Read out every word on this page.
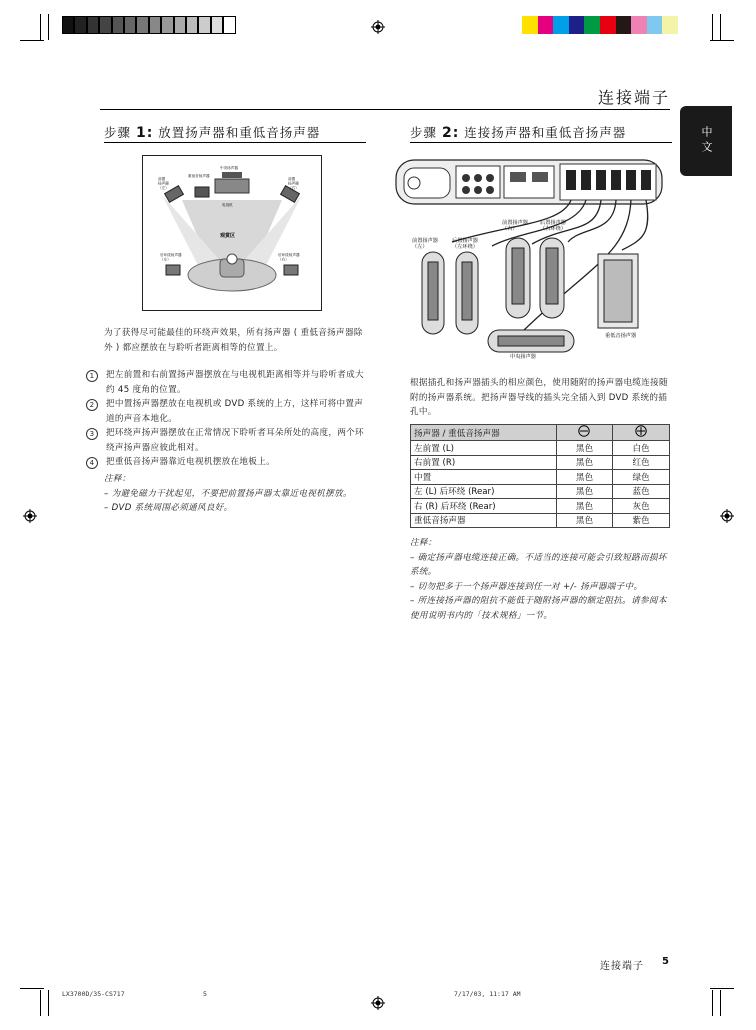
连接端子
中文
步骤 1: 放置扬声器和重低音扬声器
前置扬声器（左）
重低音扬声器
中央扬声器
前置扬声器（右）
电视机
观赏区
后环绕扬声器（左）
后环绕扬声器（右）
为了获得尽可能最佳的环绕声效果，所有扬声器 ( 重低音扬声器除外 ) 都应摆放在与聆听者距离相等的位置上。
1	把左前置和右前置扬声器摆放在与电视机距离相等并与聆听者成大约 45 度角的位置。
2	把中置扬声器摆放在电视机或 DVD 系统的上方，这样可将中置声道的声音本地化。
3	把环绕声扬声器摆放在正常情况下聆听者耳朵所处的高度，两个环绕声扬声器应彼此相对。
4	把重低音扬声器靠近电视机摆放在地板上。
注释：
– 为避免磁力干扰起见，不要把前置扬声器太靠近电视机摆放。
– DVD 系统周围必须通风良好。
步骤 2: 连接扬声器和重低音扬声器
前置扬声器（左）
后置扬声器（左环绕）
前置扬声器（右）
后置扬声器（右环绕）
重低音扬声器
中央扬声器
根据插孔和扬声器插头的相应颜色，使用随附的扬声器电缆连接随附的扬声器系统。把扬声器导线的插头完全插入到 DVD 系统的插孔中。
扬声器 / 重低音扬声器		
左前置 (L)	黑色	白色
右前置 (R)	黑色	红色
中置	黑色	绿色
左 (L) 后环绕 (Rear)	黑色	蓝色
右 (R) 后环绕 (Rear)	黑色	灰色
重低音扬声器	黑色	紫色
注释：
– 确定扬声器电缆连接正确。不适当的连接可能会引致短路而损坏系统。
– 切勿把多于一个扬声器连接到任一对 +/- 扬声器端子中。
– 所连接扬声器的阻抗不能低于随附扬声器的额定阻抗。请参阅本使用说明书内的「技术规格」一节。
连接端子 5
LX3700D/35-CS717	5	7/17/03, 11:17 AM
